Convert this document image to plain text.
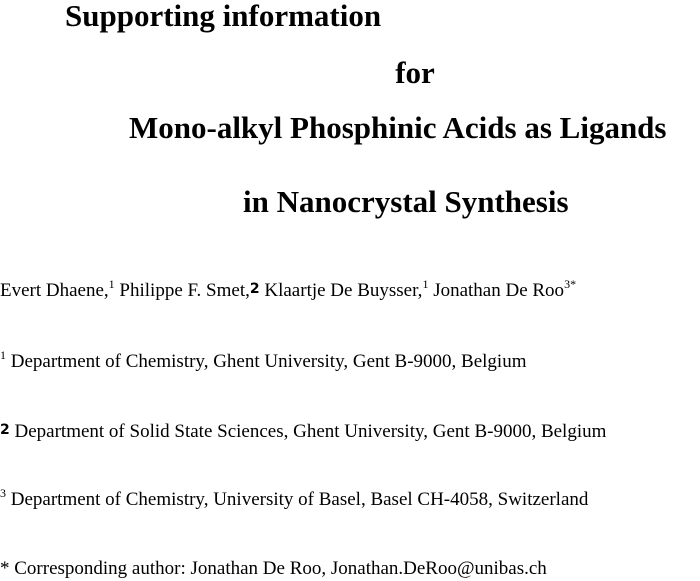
Supporting information
for
Mono-alkyl Phosphinic Acids as Ligands
in Nanocrystal Synthesis
Evert Dhaene,$^1$ Philippe F. Smet,$^2$ Klaartje De Buysser,$^1$ Jonathan De Roo$^{3*}$
$^1$ Department of Chemistry, Ghent University, Gent B-9000, Belgium
$^2$ Department of Solid State Sciences, Ghent University, Gent B-9000, Belgium
$^3$ Department of Chemistry, University of Basel, Basel CH-4058, Switzerland
* Corresponding author: Jonathan De Roo, Jonathan.DeRoo@unibas.ch
